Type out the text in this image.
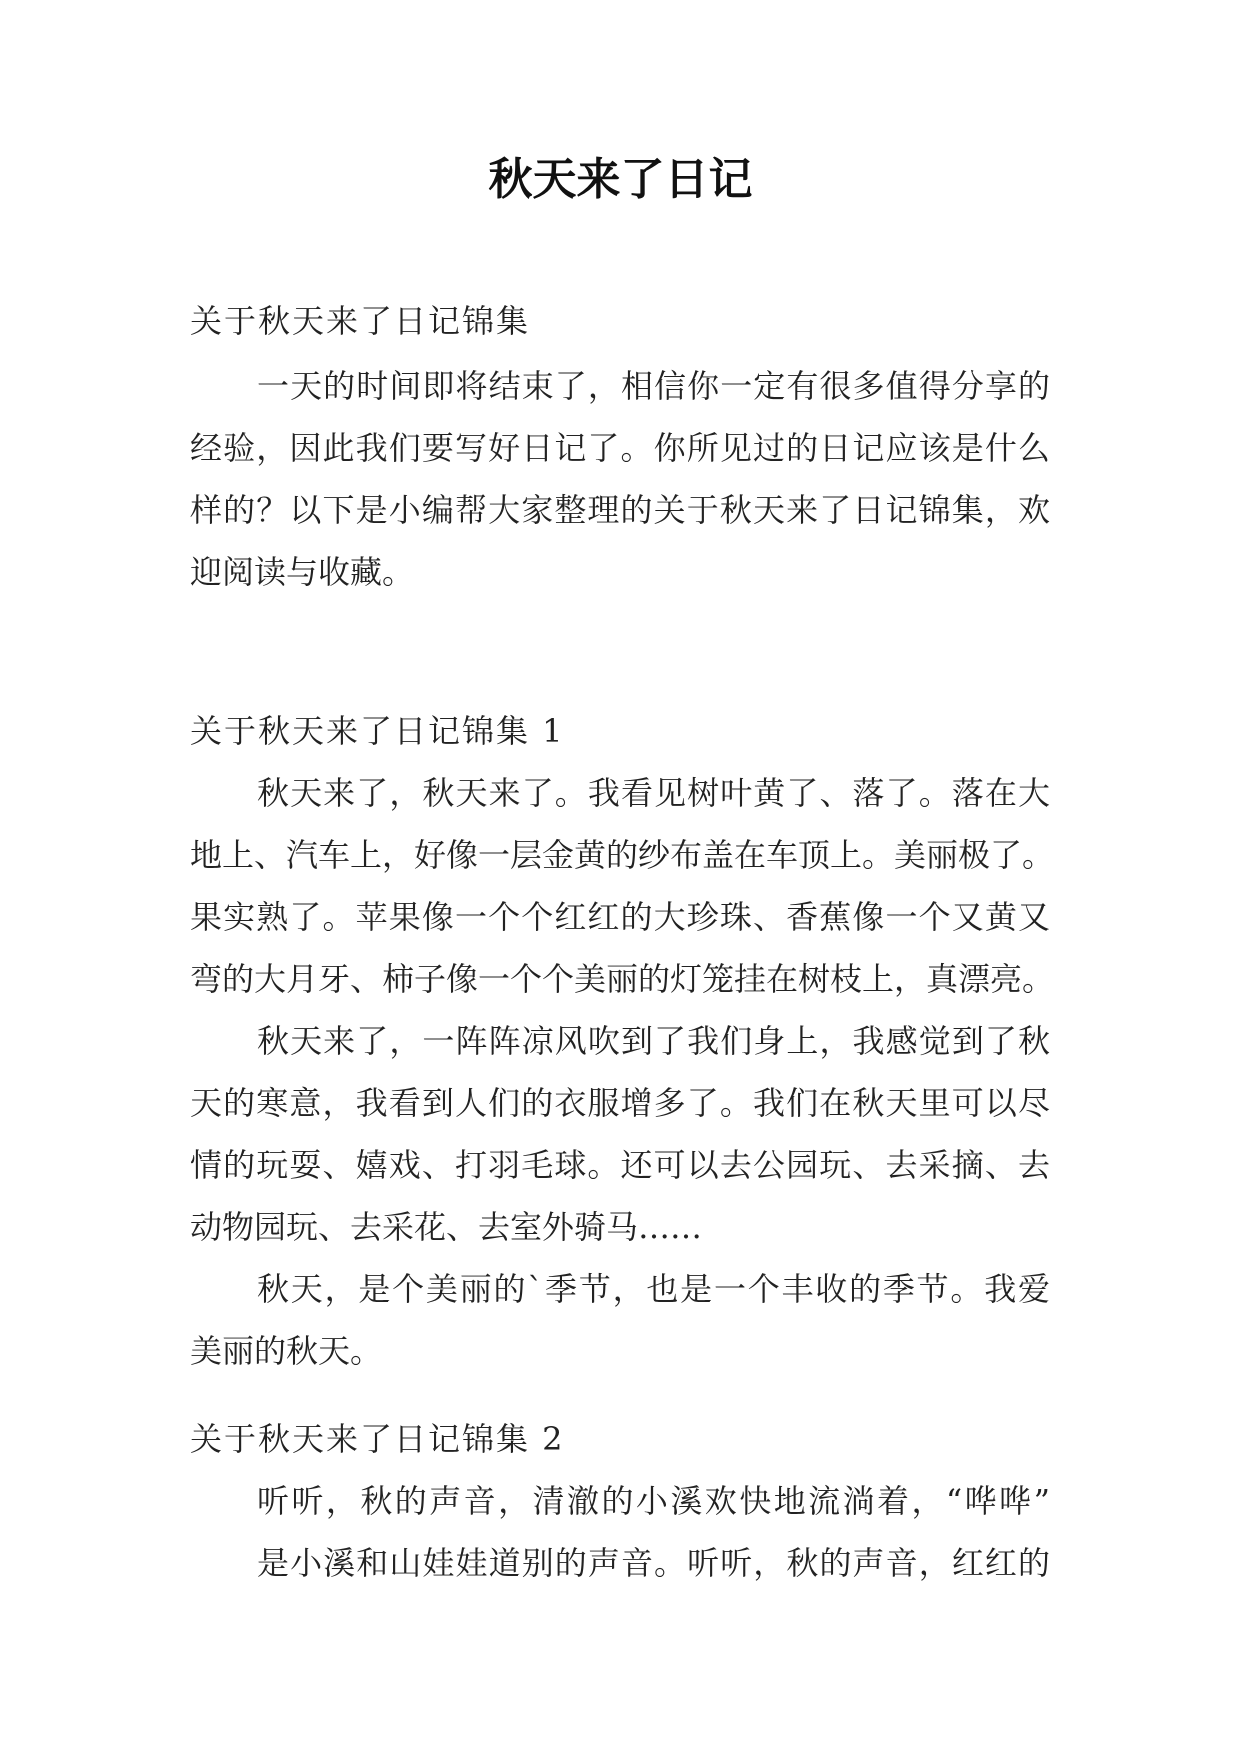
秋天来了日记
关于秋天来了日记锦集
一天的时间即将结束了，相信你一定有很多值得分享的
经验，因此我们要写好日记了。你所见过的日记应该是什么
样的？以下是小编帮大家整理的关于秋天来了日记锦集，欢
迎阅读与收藏。
关于秋天来了日记锦集 1
秋天来了，秋天来了。我看见树叶黄了、落了。落在大
地上、汽车上，好像一层金黄的纱布盖在车顶上。美丽极了。
果实熟了。苹果像一个个红红的大珍珠、香蕉像一个又黄又
弯的大月牙、柿子像一个个美丽的灯笼挂在树枝上，真漂亮。
秋天来了，一阵阵凉风吹到了我们身上，我感觉到了秋
天的寒意，我看到人们的衣服增多了。我们在秋天里可以尽
情的玩耍、嬉戏、打羽毛球。还可以去公园玩、去采摘、去
动物园玩、去采花、去室外骑马……
秋天，是个美丽的`季节，也是一个丰收的季节。我爱
美丽的秋天。
关于秋天来了日记锦集 2
听听，秋的声音，清澈的小溪欢快地流淌着，“哗哗”
是小溪和山娃娃道别的声音。听听，秋的声音，红红的
